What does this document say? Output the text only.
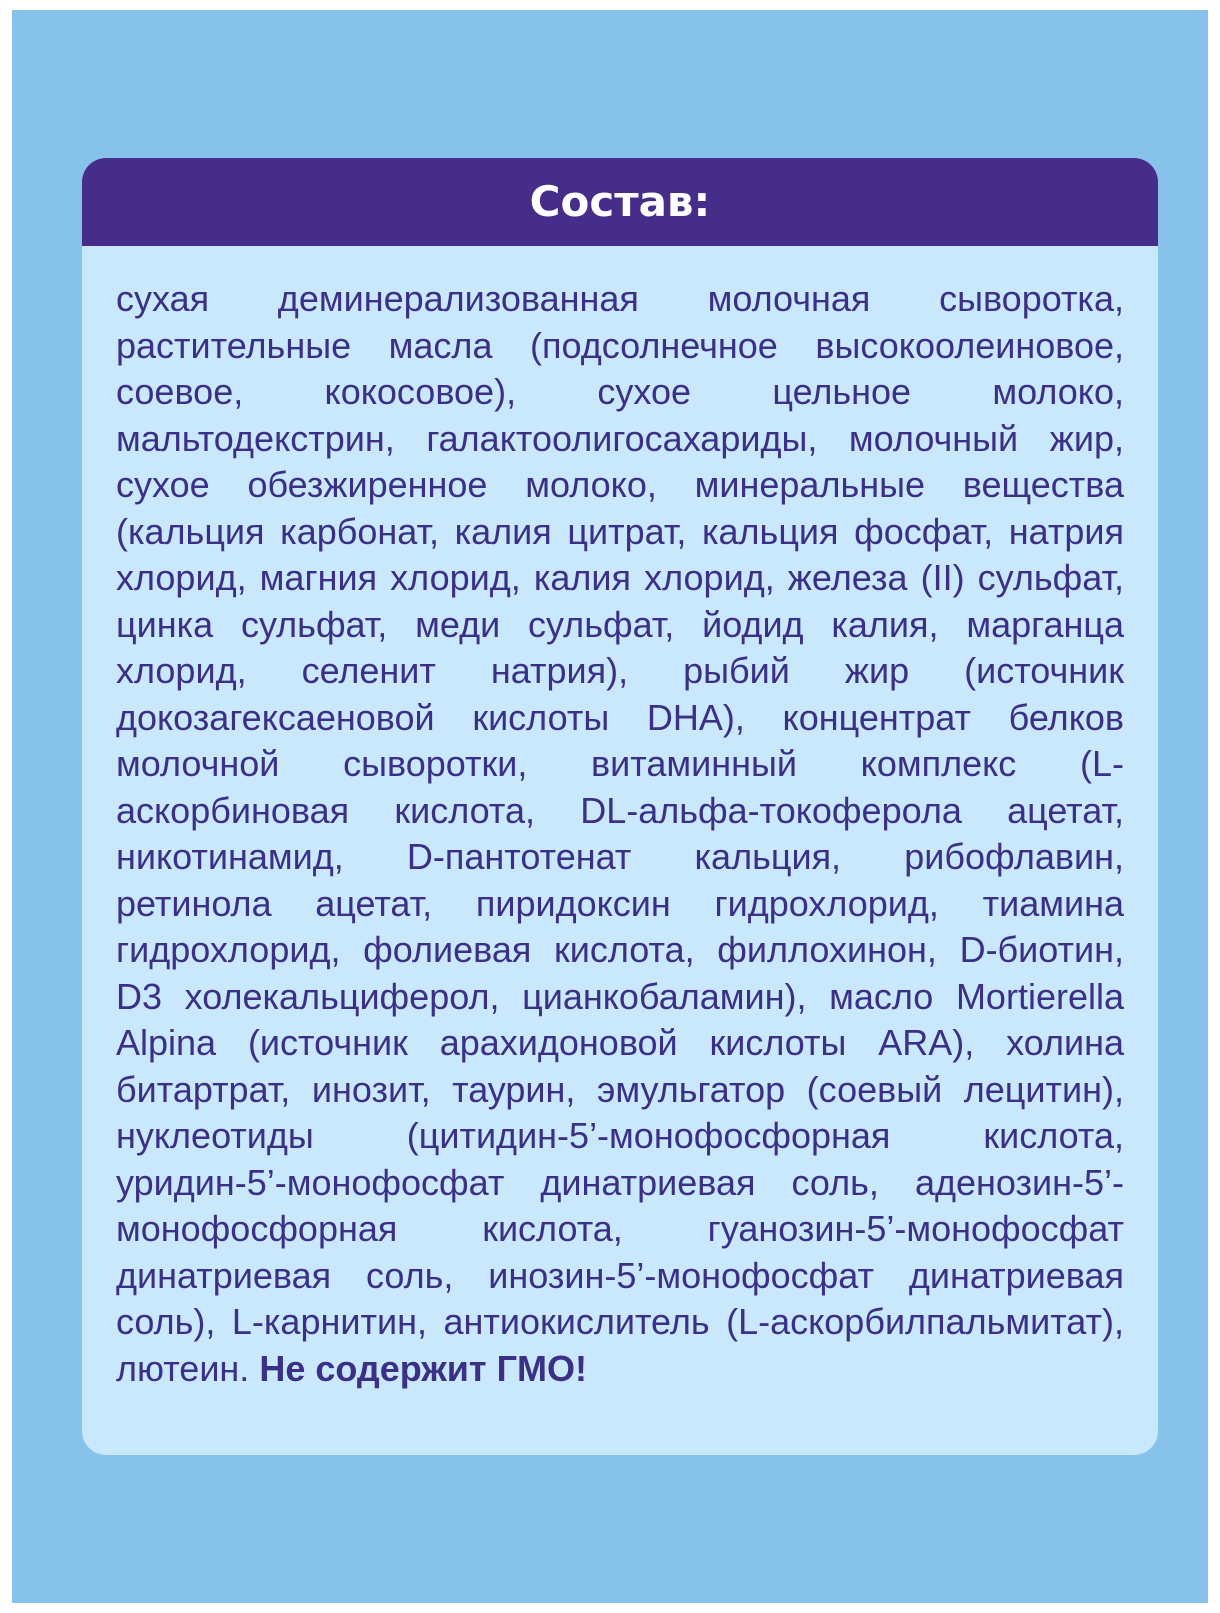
Состав:

сухая деминерализованная молочная сыворотка, растительные масла (подсолнечное высокоолеиновое, соевое, кокосовое), сухое цельное молоко, мальтодекстрин, галактоолигосахариды, молочный жир, сухое обезжиренное молоко, минеральные вещества (кальция карбонат, калия цитрат, кальция фосфат, натрия хлорид, магния хлорид, калия хлорид, железа (II) сульфат, цинка сульфат, меди сульфат, йодид калия, марганца хлорид, селенит натрия), рыбий жир (источник докозагексаеновой кислоты DHA), концентрат белков молочной сыворотки, витаминный комплекс (L-аскорбиновая кислота, DL-альфа-токоферола ацетат, никотинамид, D-пантотенат кальция, рибофлавин, ретинола ацетат, пиридоксин гидрохлорид, тиамина гидрохлорид, фолиевая кислота, филлохинон, D-биотин, D3 холекальциферол, цианкобаламин), масло Mortierella Alpina (источник арахидоновой кислоты ARA), холина битартрат, инозит, таурин, эмульгатор (соевый лецитин), нуклеотиды (цитидин-5’-монофосфорная кислота, уридин-5’-монофосфат динатриевая соль, аденозин-5’-монофосфорная кислота, гуанозин-5’-монофосфат динатриевая соль, инозин-5’-монофосфат динатриевая соль), L-карнитин, антиокислитель (L-аскорбилпальмитат), лютеин. Не содержит ГМО!
